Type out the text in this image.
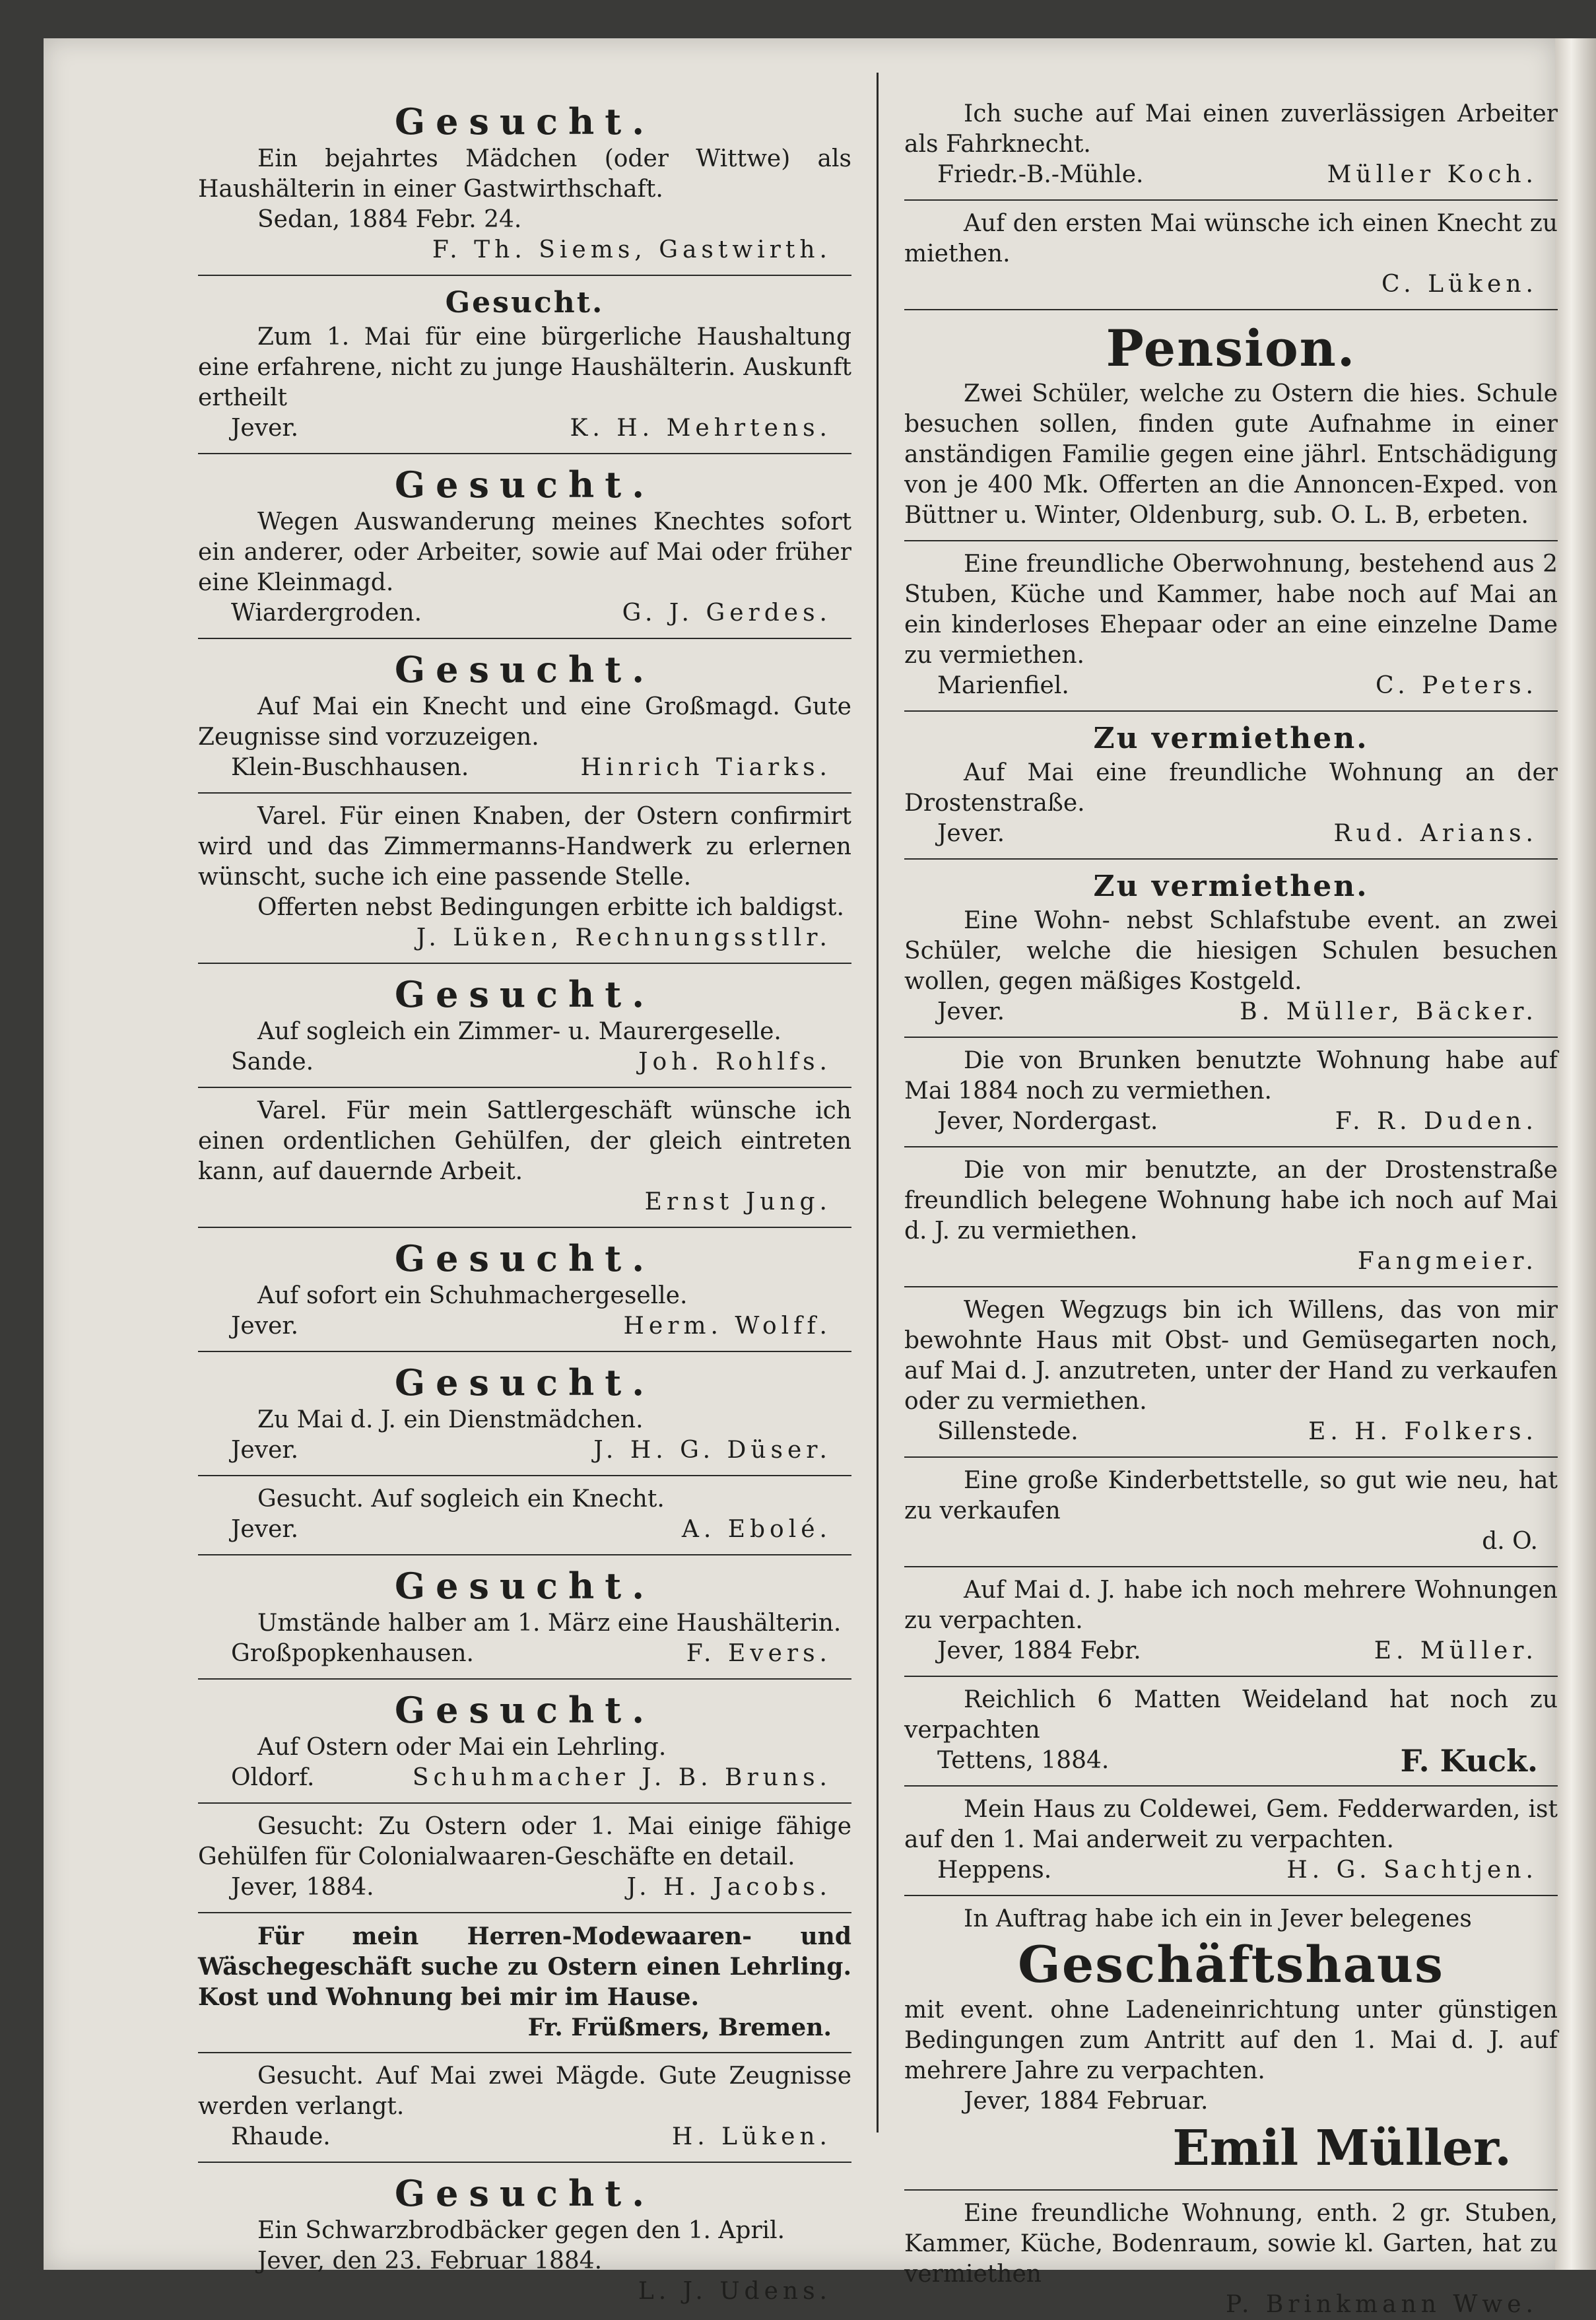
Gesucht.

Ein bejahrtes Mädchen (oder Wittwe) als Haushälterin in einer Gastwirthschaft.

Sedan, 1884 Febr. 24.

F. Th. Siems, Gastwirth.
Gesucht.

Zum 1. Mai für eine bürgerliche Haushaltung eine erfahrene, nicht zu junge Haushälterin. Auskunft ertheilt

Jever.	K. H. Mehrtens.
Gesucht.

Wegen Auswanderung meines Knechtes sofort ein anderer, oder Arbeiter, sowie auf Mai oder früher eine Kleinmagd.

Wiardergroden.	G. J. Gerdes.
Gesucht.

Auf Mai ein Knecht und eine Großmagd. Gute Zeugnisse sind vorzuzeigen.

Klein-Buschhausen.	Hinrich Tiarks.

Varel. Für einen Knaben, der Ostern confirmirt wird und das Zimmermanns-Handwerk zu erlernen wünscht, suche ich eine passende Stelle.

Offerten nebst Bedingungen erbitte ich baldigst.

J. Lüken, Rechnungsstllr.
Gesucht.

Auf sogleich ein Zimmer- u. Maurergeselle.

Sande.	Joh. Rohlfs.

Varel. Für mein Sattlergeschäft wünsche ich einen ordentlichen Gehülfen, der gleich eintreten kann, auf dauernde Arbeit.

Ernst Jung.
Gesucht.

Auf sofort ein Schuhmachergeselle.

Jever.	Herm. Wolff.
Gesucht.

Zu Mai d. J. ein Dienstmädchen.

Jever.	J. H. G. Düser.

Gesucht. Auf sogleich ein Knecht.

Jever.	A. Ebolé.
Gesucht.

Umstände halber am 1. März eine Haushälterin.

Großpopkenhausen.	F. Evers.
Gesucht.

Auf Ostern oder Mai ein Lehrling.

Oldorf.	Schuhmacher J. B. Bruns.

Gesucht: Zu Ostern oder 1. Mai einige fähige Gehülfen für Colonialwaaren-Geschäfte en detail.

Jever, 1884.	J. H. Jacobs.

Für mein Herren-Modewaaren- und Wäschegeschäft suche zu Ostern einen Lehrling. Kost und Wohnung bei mir im Hause.

Fr. Früßmers, Bremen.

Gesucht. Auf Mai zwei Mägde. Gute Zeugnisse werden verlangt.

Rhaude.	H. Lüken.
Gesucht.

Ein Schwarzbrodbäcker gegen den 1. April.

Jever, den 23. Februar 1884.

L. J. Udens.

Ich suche auf Mai einen zuverlässigen Arbeiter als Fahrknecht.

Friedr.-B.-Mühle.	Müller Koch.

Auf den ersten Mai wünsche ich einen Knecht zu miethen.

C. Lüken.
Pension.

Zwei Schüler, welche zu Ostern die hies. Schule besuchen sollen, finden gute Aufnahme in einer anständigen Familie gegen eine jährl. Entschädigung von je 400 Mk. Offerten an die Annoncen-Exped. von Büttner u. Winter, Oldenburg, sub. O. L. B, erbeten.

Eine freundliche Oberwohnung, bestehend aus 2 Stuben, Küche und Kammer, habe noch auf Mai an ein kinderloses Ehepaar oder an eine einzelne Dame zu vermiethen.

Marienfiel.	C. Peters.
Zu vermiethen.

Auf Mai eine freundliche Wohnung an der Drostenstraße.

Jever.	Rud. Arians.
Zu vermiethen.

Eine Wohn- nebst Schlafstube event. an zwei Schüler, welche die hiesigen Schulen besuchen wollen, gegen mäßiges Kostgeld.

Jever.	B. Müller, Bäcker.

Die von Brunken benutzte Wohnung habe auf Mai 1884 noch zu vermiethen.

Jever, Nordergast.	F. R. Duden.

Die von mir benutzte, an der Drostenstraße freundlich belegene Wohnung habe ich noch auf Mai d. J. zu vermiethen.

Fangmeier.

Wegen Wegzugs bin ich Willens, das von mir bewohnte Haus mit Obst- und Gemüsegarten noch, auf Mai d. J. anzutreten, unter der Hand zu verkaufen oder zu vermiethen.

Sillenstede.	E. H. Folkers.

Eine große Kinderbettstelle, so gut wie neu, hat zu verkaufen

d. O.

Auf Mai d. J. habe ich noch mehrere Wohnungen zu verpachten.

Jever, 1884 Febr.	E. Müller.

Reichlich 6 Matten Weideland hat noch zu verpachten

Tettens, 1884.	F. Kuck.

Mein Haus zu Coldewei, Gem. Fedderwarden, ist auf den 1. Mai anderweit zu verpachten.

Heppens.	H. G. Sachtjen.

In Auftrag habe ich ein in Jever belegenes

Geschäftshaus

mit event. ohne Ladeneinrichtung unter günstigen Bedingungen zum Antritt auf den 1. Mai d. J. auf mehrere Jahre zu verpachten.

Jever, 1884 Februar.

Emil Müller.

Eine freundliche Wohnung, enth. 2 gr. Stuben, Kammer, Küche, Bodenraum, sowie kl. Garten, hat zu vermiethen

P. Brinkmann Wwe.
